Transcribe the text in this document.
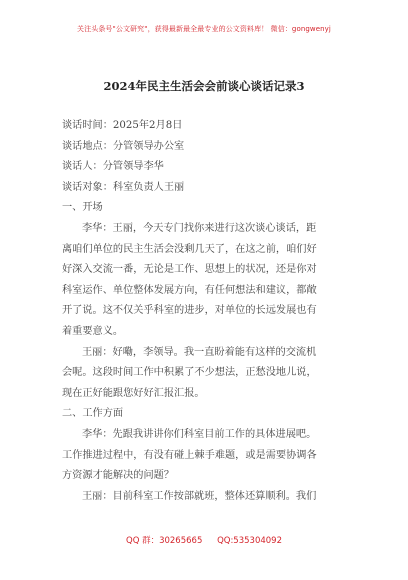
关注头条号"公文研究"，获得最新最全最专业的公文资料库！ 微信：gongwenyj
2024年民主生活会会前谈心谈话记录3
谈话时间：2025年2月8日
谈话地点：分管领导办公室
谈话人：分管领导李华
谈话对象：科室负责人王丽
一、开场
李华：王丽，今天专门找你来进行这次谈心谈话，距
离咱们单位的民主生活会没剩几天了，在这之前，咱们好
好深入交流一番，无论是工作、思想上的状况，还是你对
科室运作、单位整体发展方向，有任何想法和建议，都敞
开了说。这不仅关乎科室的进步，对单位的长远发展也有
着重要意义。
王丽：好嘞，李领导。我一直盼着能有这样的交流机
会呢。这段时间工作中积累了不少想法，正愁没地儿说，
现在正好能跟您好好汇报汇报。
二、工作方面
李华：先跟我讲讲你们科室目前工作的具体进展吧。
工作推进过程中，有没有碰上棘手难题，或是需要协调各
方资源才能解决的问题？
王丽：目前科室工作按部就班，整体还算顺利。我们
QQ 群：30265665 QQ:535304092
